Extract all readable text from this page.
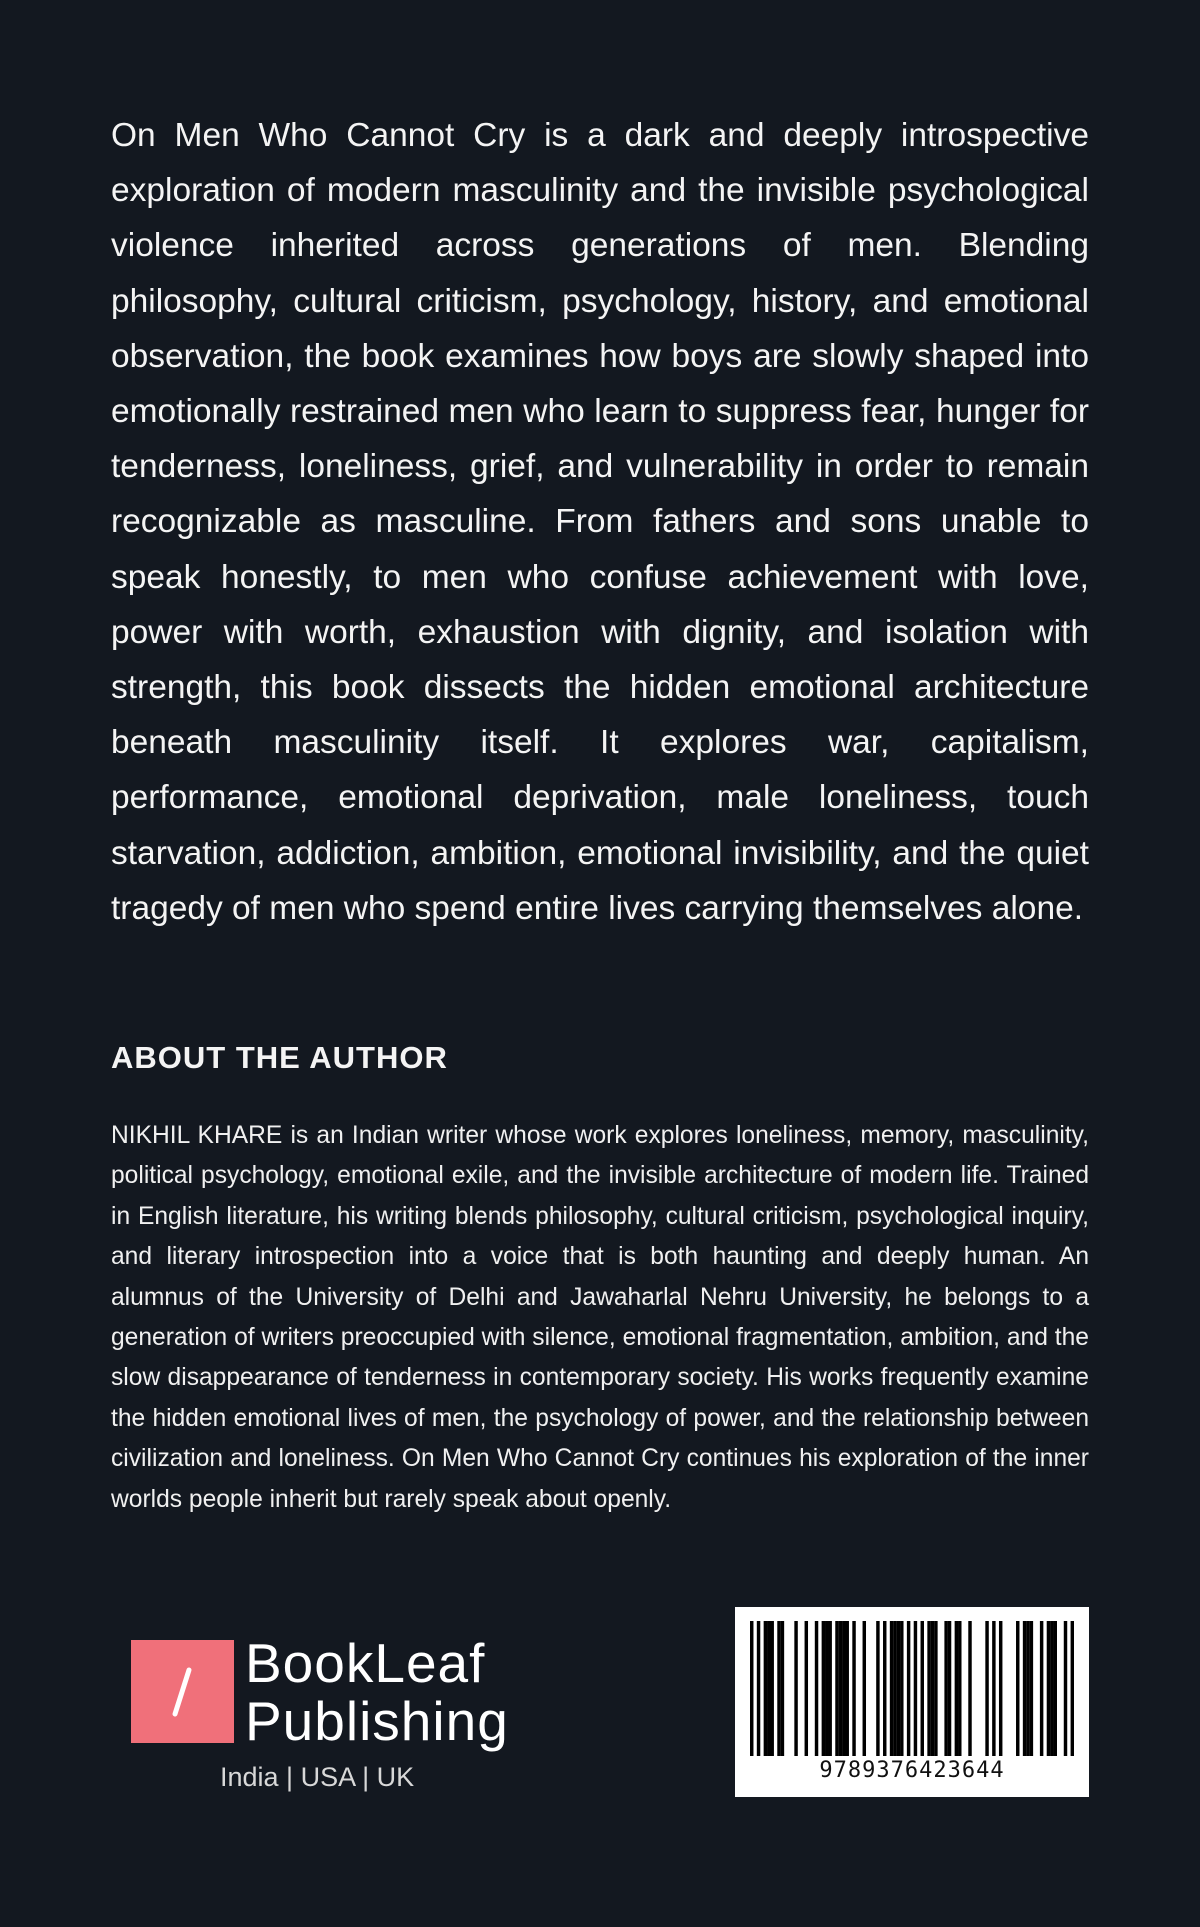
On Men Who Cannot Cry is a dark and deeply introspective exploration of modern masculinity and the invisible psychological violence inherited across generations of men. Blending philosophy, cultural criticism, psychology, history, and emotional observation, the book examines how boys are slowly shaped into emotionally restrained men who learn to suppress fear, hunger for tenderness, loneliness, grief, and vulnerability in order to remain recognizable as masculine. From fathers and sons unable to speak honestly, to men who confuse achievement with love, power with worth, exhaustion with dignity, and isolation with strength, this book dissects the hidden emotional architecture beneath masculinity itself. It explores war, capitalism, performance, emotional deprivation, male loneliness, touch starvation, addiction, ambition, emotional invisibility, and the quiet tragedy of men who spend entire lives carrying themselves alone.

ABOUT THE AUTHOR

NIKHIL KHARE is an Indian writer whose work explores loneliness, memory, masculinity, political psychology, emotional exile, and the invisible architecture of modern life. Trained in English literature, his writing blends philosophy, cultural criticism, psychological inquiry, and literary introspection into a voice that is both haunting and deeply human. An alumnus of the University of Delhi and Jawaharlal Nehru University, he belongs to a generation of writers preoccupied with silence, emotional fragmentation, ambition, and the slow disappearance of tenderness in contemporary society. His works frequently examine the hidden emotional lives of men, the psychology of power, and the relationship between civilization and loneliness. On Men Who Cannot Cry continues his exploration of the inner worlds people inherit but rarely speak about openly.

BookLeaf
Publishing
India | USA | UK	9789376423644
